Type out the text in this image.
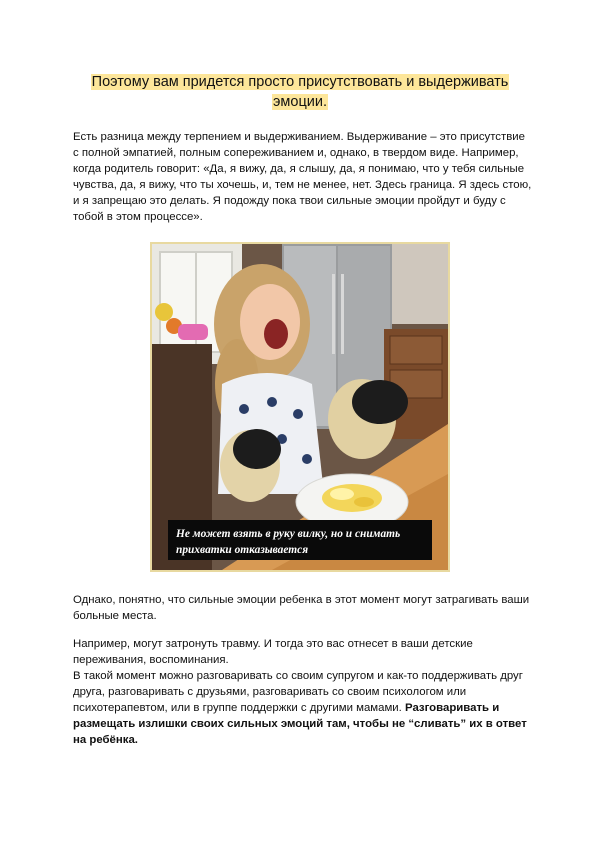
Поэтому вам придется просто присутствовать и выдерживать
эмоции.

Есть разница между терпением и выдерживанием. Выдерживание – это присутствие с полной эмпатией, полным сопереживанием и, однако, в твердом виде. Например, когда родитель говорит: «Да, я вижу, да, я слышу, да, я понимаю, что у тебя сильные чувства, да, я вижу, что ты хочешь, и, тем не менее, нет. Здесь граница. Я здесь стою, и я запрещаю это делать. Я подожду пока твои сильные эмоции пройдут и буду с тобой в этом процессе».

Не может взять в руку вилку, но и снимать
прихватки отказывается

Однако, понятно, что сильные эмоции ребенка в этот момент могут затрагивать ваши больные места.

Например, могут затронуть травму. И тогда это вас отнесет в ваши детские переживания, воспоминания.
В такой момент можно разговаривать со своим супругом и как-то поддерживать друг друга, разговаривать с друзьями, разговаривать со своим психологом или психотерапевтом, или в группе поддержки с другими мамами. Разговаривать и размещать излишки своих сильных эмоций там, чтобы не “сливать” их в ответ на ребёнка.
